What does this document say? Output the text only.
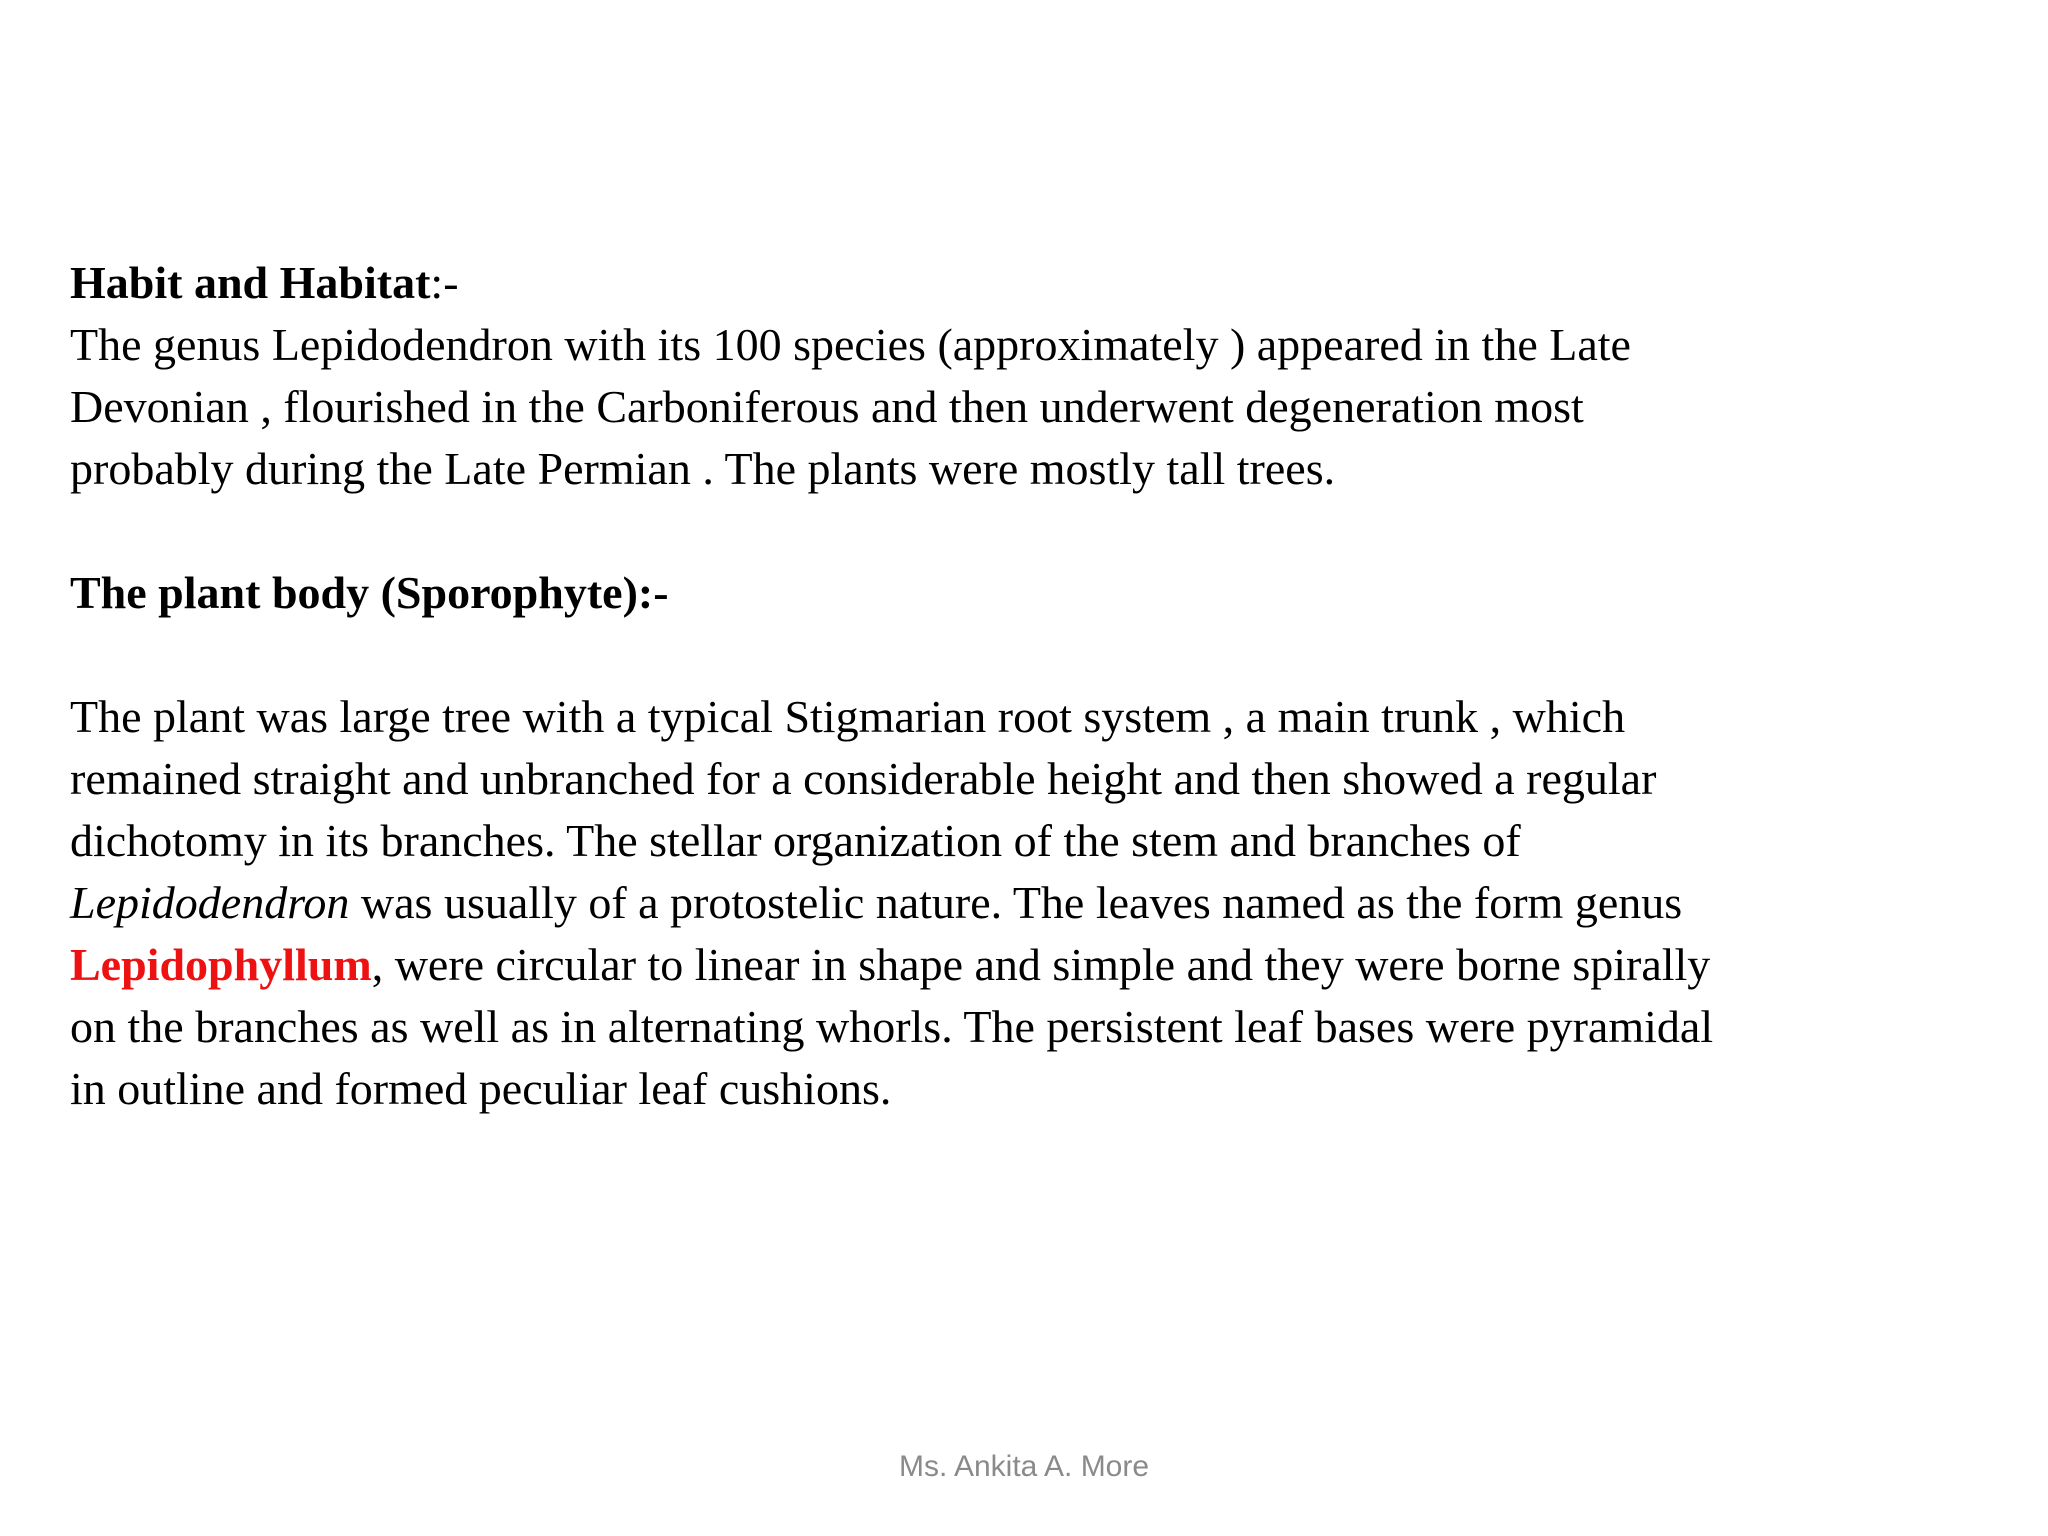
Habit and Habitat:-

The genus Lepidodendron with its 100 species (approximately ) appeared in the Late
Devonian , flourished in the Carboniferous and then underwent degeneration most
probably during the Late Permian . The plants were mostly tall trees.

The plant body (Sporophyte):-

The plant was large tree with a typical Stigmarian root system , a main trunk , which
remained straight and unbranched for a considerable height and then showed a regular
dichotomy in its branches. The stellar organization of the stem and branches of
Lepidodendron was usually of a protostelic nature. The leaves named as the form genus
Lepidophyllum, were circular to linear in shape and simple and they were borne spirally
on the branches as well as in alternating whorls. The persistent leaf bases were pyramidal
in outline and formed peculiar leaf cushions.

Ms. Ankita A. More
